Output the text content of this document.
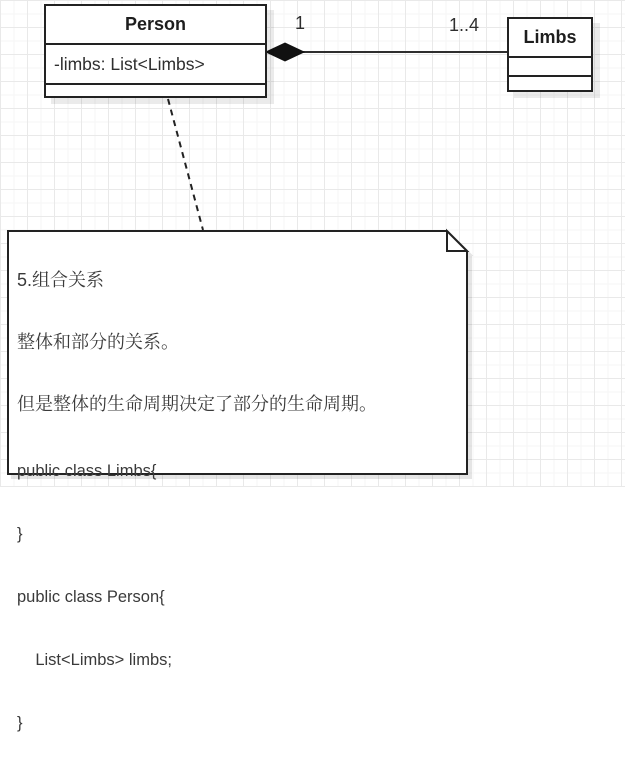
Person
-limbs: List<Limbs>
Limbs
1	1..4

5.组合关系

整体和部分的关系。

但是整体的生命周期决定了部分的生命周期。

public class Limbs{

}

public class Person{

List<Limbs> limbs;

}
